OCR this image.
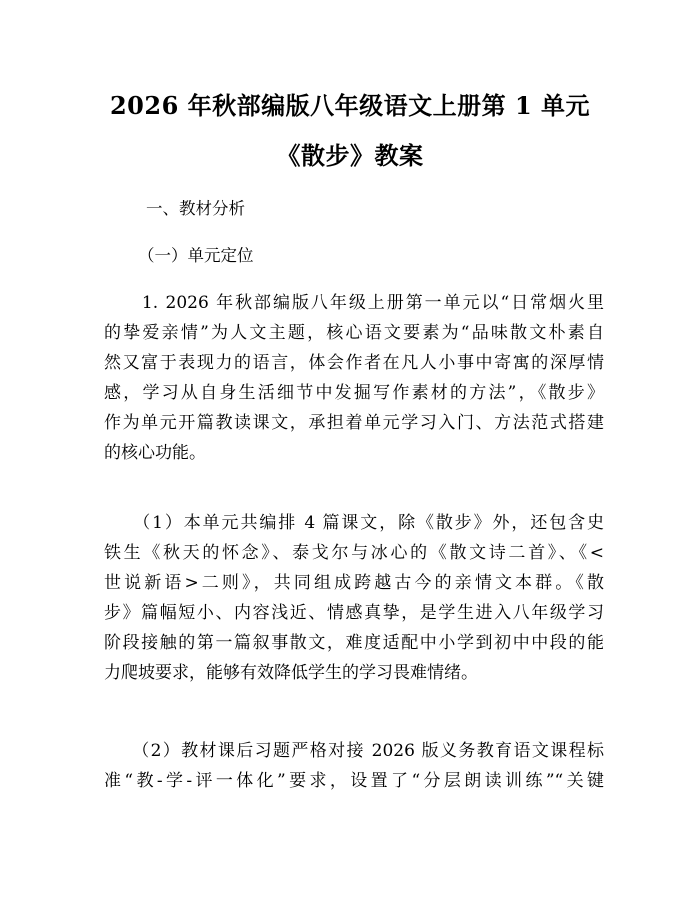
2026 年秋部编版八年级语文上册第 1 单元
《散步》教案
一、教材分析
（一）单元定位
　　1. 2026 年秋部编版八年级上册第一单元以“日常烟火里
的挚爱亲情”为人文主题，核心语文要素为“品味散文朴素自
然又富于表现力的语言，体会作者在凡人小事中寄寓的深厚情
感，学习从自身生活细节中发掘写作素材的方法”，《散步》
作为单元开篇教读课文，承担着单元学习入门、方法范式搭建
的核心功能。
　　（1）本单元共编排 4 篇课文，除《散步》外，还包含史
铁生《秋天的怀念》、泰戈尔与冰心的《散文诗二首》、《<
世说新语>二则》，共同组成跨越古今的亲情文本群。《散
步》篇幅短小、内容浅近、情感真挚，是学生进入八年级学习
阶段接触的第一篇叙事散文，难度适配中小学到初中中段的能
力爬坡要求，能够有效降低学生的学习畏难情绪。
　　（2）教材课后习题严格对接 2026 版义务教育语文课程标
准“教-学-评一体化”要求，设置了“分层朗读训练”“关键
